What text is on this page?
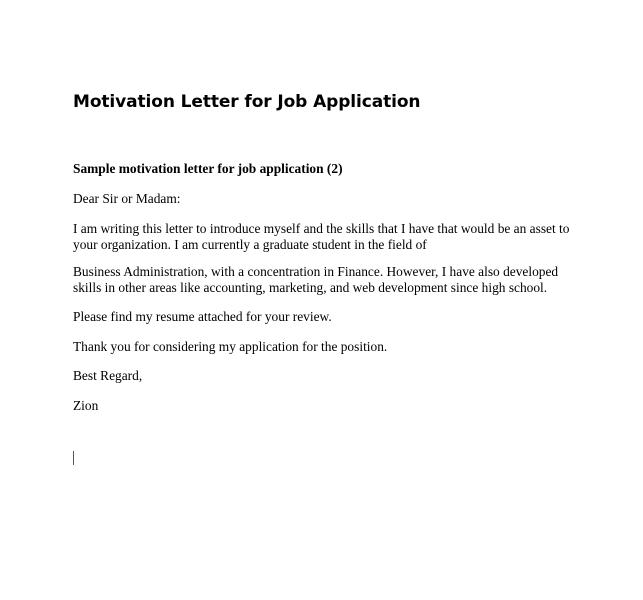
Motivation Letter for Job Application

Sample motivation letter for job application (2)

Dear Sir or Madam:

I am writing this letter to introduce myself and the skills that I have that would be an asset to your organization. I am currently a graduate student in the field of

Business Administration, with a concentration in Finance. However, I have also developed skills in other areas like accounting, marketing, and web development since high school.

Please find my resume attached for your review.

Thank you for considering my application for the position.

Best Regard,

Zion
